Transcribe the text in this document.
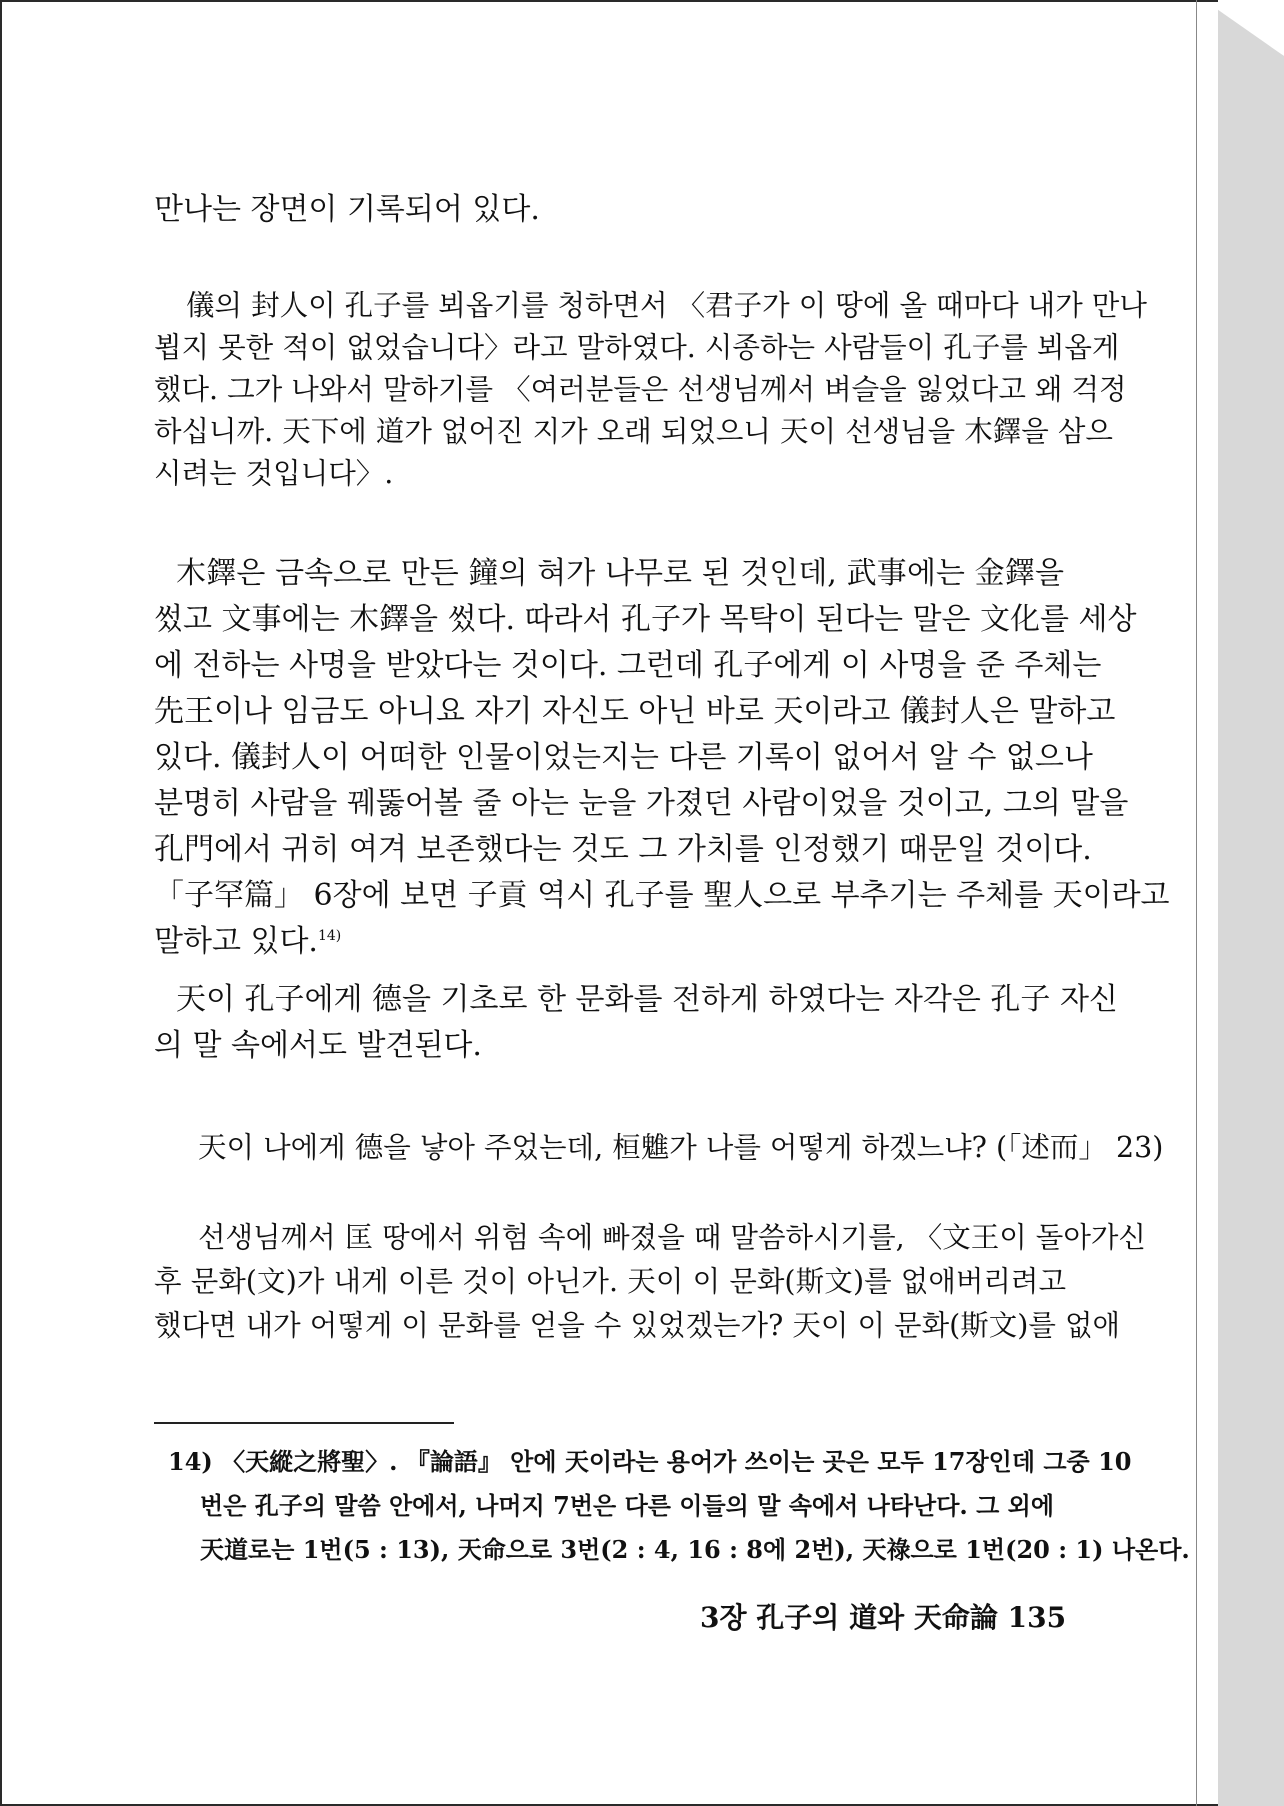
만나는 장면이 기록되어 있다.
儀의 封人이 孔子를 뵈옵기를 청하면서 〈君子가 이 땅에 올 때마다 내가 만나
뵙지 못한 적이 없었습니다〉라고 말하였다. 시종하는 사람들이 孔子를 뵈옵게
했다. 그가 나와서 말하기를 〈여러분들은 선생님께서 벼슬을 잃었다고 왜 걱정
하십니까. 天下에 道가 없어진 지가 오래 되었으니 天이 선생님을 木鐸을 삼으
시려는 것입니다〉.
木鐸은 금속으로 만든 鐘의 혀가 나무로 된 것인데, 武事에는 金鐸을
썼고 文事에는 木鐸을 썼다. 따라서 孔子가 목탁이 된다는 말은 文化를 세상
에 전하는 사명을 받았다는 것이다. 그런데 孔子에게 이 사명을 준 주체는
先王이나 임금도 아니요 자기 자신도 아닌 바로 天이라고 儀封人은 말하고
있다. 儀封人이 어떠한 인물이었는지는 다른 기록이 없어서 알 수 없으나
분명히 사람을 꿰뚫어볼 줄 아는 눈을 가졌던 사람이었을 것이고, 그의 말을
孔門에서 귀히 여겨 보존했다는 것도 그 가치를 인정했기 때문일 것이다.
「子罕篇」 6장에 보면 子貢 역시 孔子를 聖人으로 부추기는 주체를 天이라고
말하고 있다.$^{14)}$
天이 孔子에게 德을 기초로 한 문화를 전하게 하였다는 자각은 孔子 자신
의 말 속에서도 발견된다.
天이 나에게 德을 낳아 주었는데, 桓魋가 나를 어떻게 하겠느냐? (「述而」 23)
선생님께서 匡 땅에서 위험 속에 빠졌을 때 말씀하시기를, 〈文王이 돌아가신
후 문화(文)가 내게 이른 것이 아닌가. 天이 이 문화(斯文)를 없애버리려고
했다면 내가 어떻게 이 문화를 얻을 수 있었겠는가? 天이 이 문화(斯文)를 없애
14) 〈天縱之將聖〉. 『論語』 안에 天이라는 용어가 쓰이는 곳은 모두 17장인데 그중 10
번은 孔子의 말씀 안에서, 나머지 7번은 다른 이들의 말 속에서 나타난다. 그 외에
天道로는 1번(5 : 13), 天命으로 3번(2 : 4, 16 : 8에 2번), 天祿으로 1번(20 : 1) 나온다.
3장 孔子의 道와 天命論 135
